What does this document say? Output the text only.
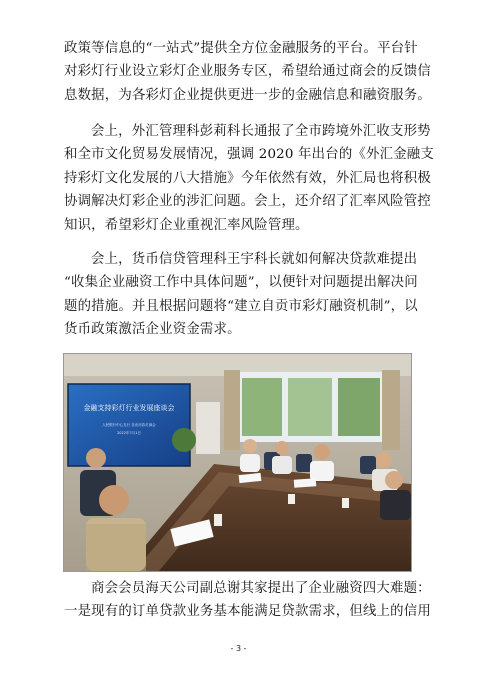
政策等信息的“一站式”提供全方位金融服务的平台。平台针
对彩灯行业设立彩灯企业服务专区，希望给通过商会的反馈信
息数据，为各彩灯企业提供更进一步的金融信息和融资服务。

会上，外汇管理科彭莉科长通报了全市跨境外汇收支形势
和全市文化贸易发展情况，强调 2020 年出台的《外汇金融支
持彩灯文化发展的八大措施》今年依然有效，外汇局也将积极
协调解决灯彩企业的涉汇问题。会上，还介绍了汇率风险管控
知识，希望彩灯企业重视汇率风险管理。

会上，货币信贷管理科王宇科长就如何解决贷款难提出
“收集企业融资工作中具体问题”，以便针对问题提出解决问
题的措施。并且根据问题将“建立自贡市彩灯融资机制”，以
货币政策激活企业资金需求。

金融支持彩灯行业发展座谈会
人民银行中心支行 自贡市彩灯商会
2022年7月1日

商会会员海天公司副总谢其家提出了企业融资四大难题：
一是现有的订单贷款业务基本能满足贷款需求，但线上的信用

- 3 -
